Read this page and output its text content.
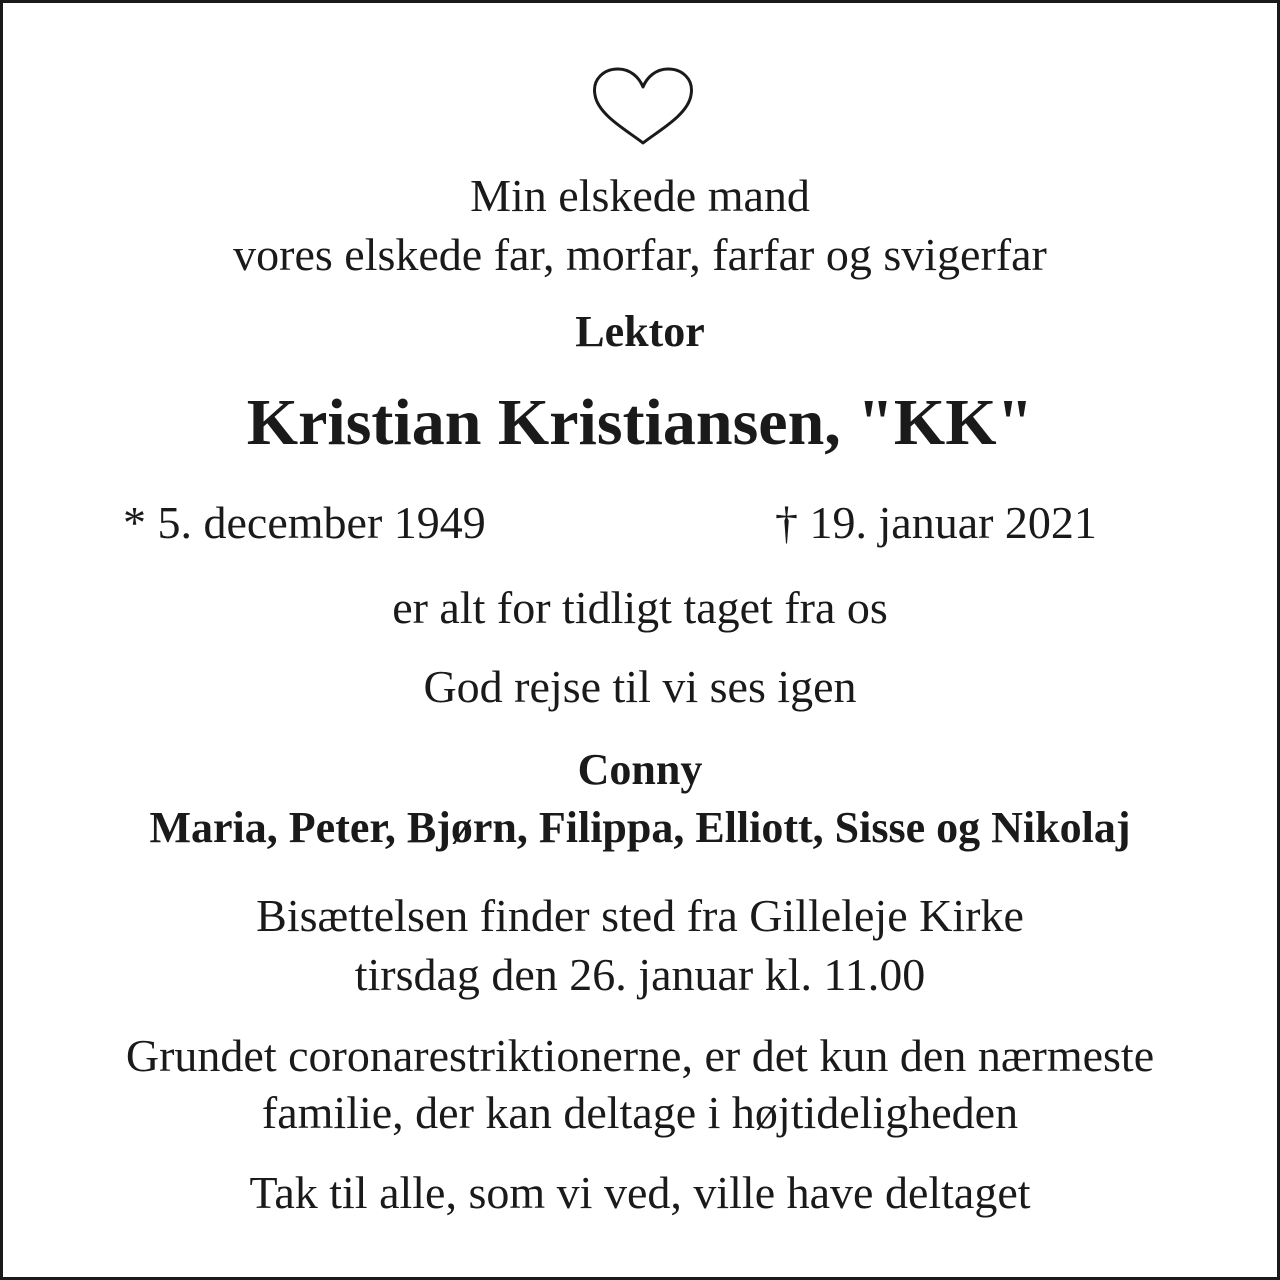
Min elskede mand
vores elskede far, morfar, farfar og svigerfar
Lektor
Kristian Kristiansen, "KK"
* 5. december 1949	† 19. januar 2021
er alt for tidligt taget fra os
God rejse til vi ses igen
Conny
Maria, Peter, Bjørn, Filippa, Elliott, Sisse og Nikolaj
Bisættelsen finder sted fra Gilleleje Kirke
tirsdag den 26. januar kl. 11.00
Grundet coronarestriktionerne, er det kun den nærmeste
familie, der kan deltage i højtideligheden
Tak til alle, som vi ved, ville have deltaget
